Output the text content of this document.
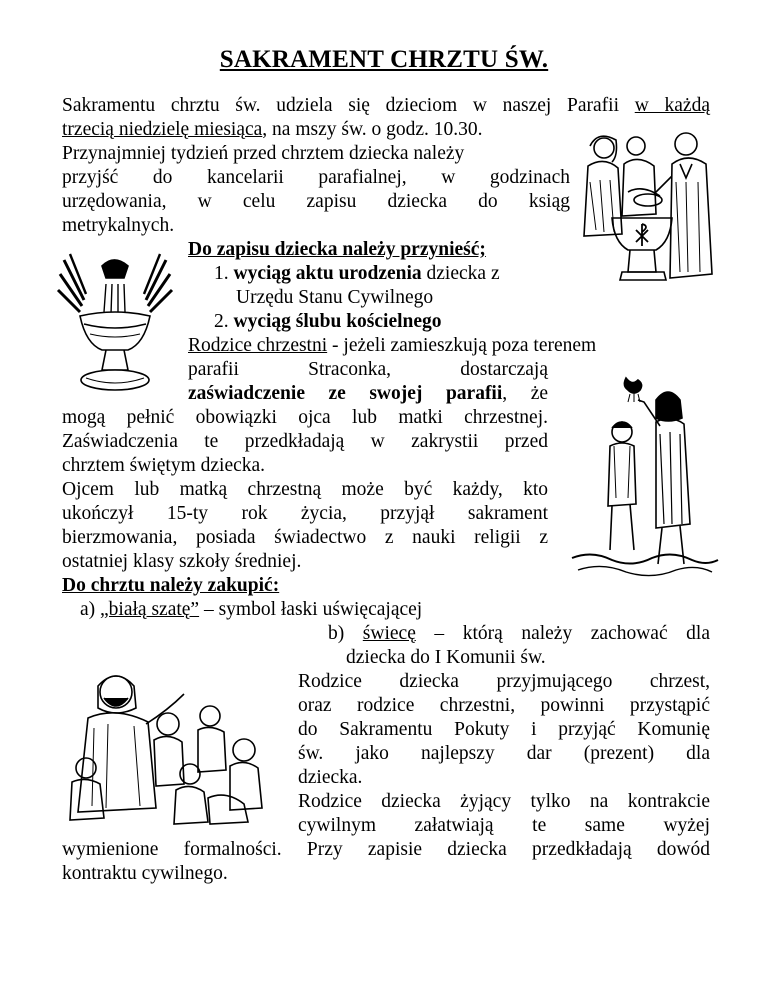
SAKRAMENT CHRZTU ŚW.
Sakramentu chrztu św. udziela się dzieciom w naszej Parafii w każdą
trzecią niedzielę miesiąca, na mszy św. o godz. 10.30.
Przynajmniej tydzień przed chrztem dziecka należy
przyjść do kancelarii parafialnej, w godzinach
urzędowania, w celu zapisu dziecka do ksiąg
metrykalnych.
Do zapisu dziecka należy przynieść;
1. wyciąg aktu urodzenia dziecka z
Urzędu Stanu Cywilnego
2. wyciąg ślubu kościelnego
Rodzice chrzestni - jeżeli zamieszkują poza terenem
parafii Straconka, dostarczają
zaświadczenie ze swojej parafii, że
mogą pełnić obowiązki ojca lub matki chrzestnej.
Zaświadczenia te przedkładają w zakrystii przed
chrztem świętym dziecka.
Ojcem lub matką chrzestną może być każdy, kto
ukończył 15-ty rok życia, przyjął sakrament
bierzmowania, posiada świadectwo z nauki religii z
ostatniej klasy szkoły średniej.
Do chrztu należy zakupić:
a) „białą szatę” – symbol łaski uświęcającej
b) świecę – którą należy zachować dla
dziecka do I Komunii św.
Rodzice dziecka przyjmującego chrzest,
oraz rodzice chrzestni, powinni przystąpić
do Sakramentu Pokuty i przyjąć Komunię
św. jako najlepszy dar (prezent) dla
dziecka.
Rodzice dziecka żyjący tylko na kontrakcie
cywilnym załatwiają te same wyżej
wymienione formalności. Przy zapisie dziecka przedkładają dowód
kontraktu cywilnego.
